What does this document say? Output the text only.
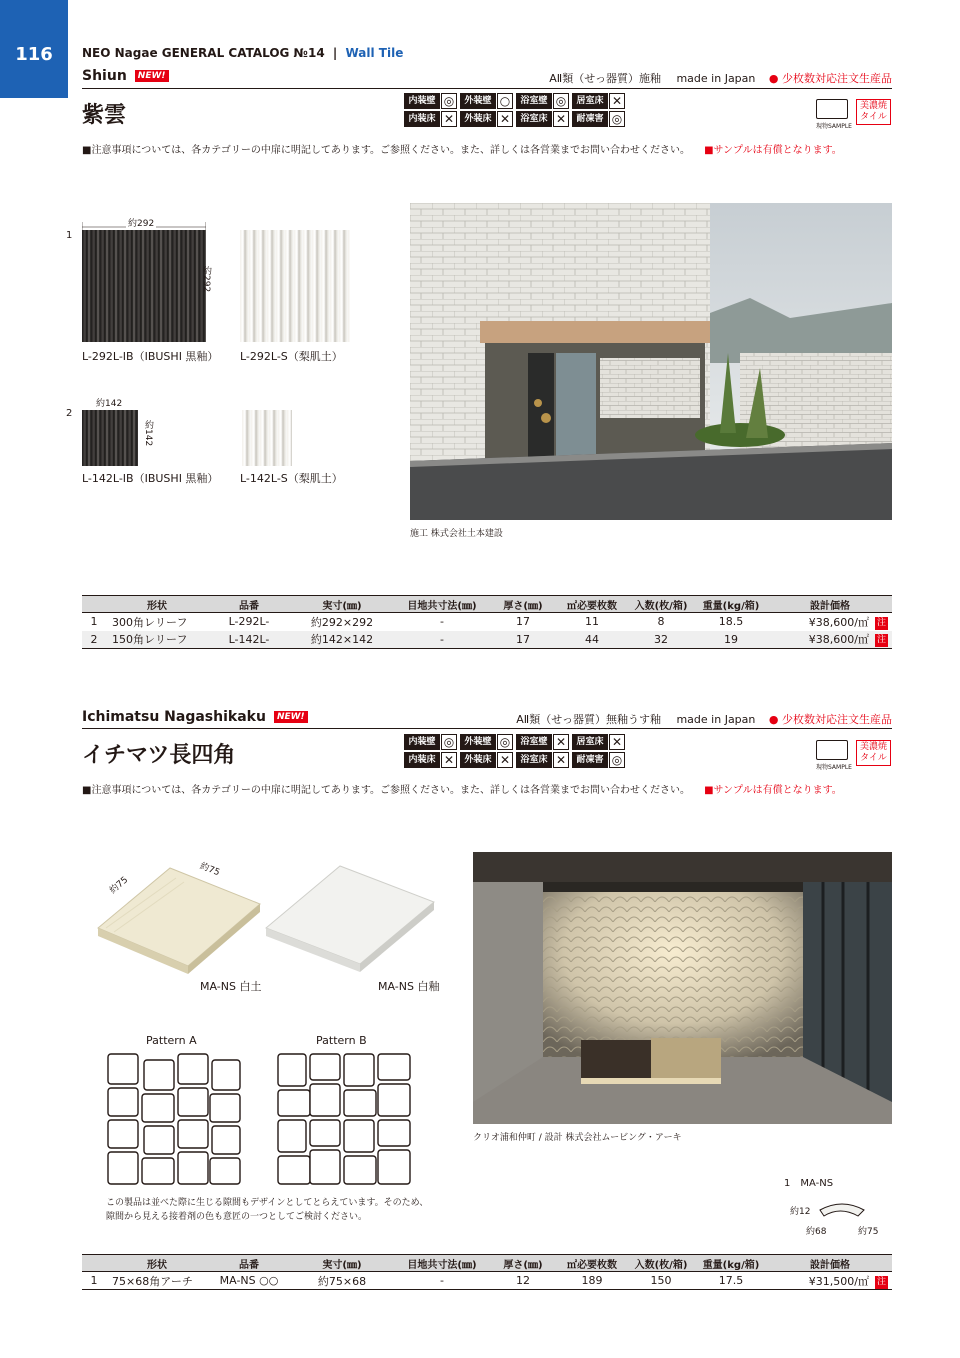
116	NEO Nagae GENERAL CATALOG №14 | Wall Tile
Shiun NEW!	AⅡ類（せっ器質）施釉 made in Japan ● 少枚数対応注文生産品
紫雲
内装壁 ◎	外装壁 ○	浴室壁 ◎	居室床 ✕
内装床 ✕	外装床 ✕	浴室床 ✕	耐凍害 ◎
現物SAMPLE
美濃焼
タイル
■注意事項については、各カテゴリーの中扉に明記してあります。ご参照ください。また、詳しくは各営業までお問い合わせください。 ■サンプルは有償となります。
1
約292
約292
L-292L-IB（IBUSHI 黒釉） L-292L-S（梨肌土）
2
約142
約142
L-142L-IB（IBUSHI 黒釉） L-142L-S（梨肌土）
施工 株式会社土本建設
	形状	品番	実寸(㎜)	目地共寸法(㎜)	厚さ(㎜)	㎡必要枚数	入数(枚/箱)	重量(kg/箱)	設計価格
1	300角レリーフ	L-292L-	約292×292	-	17	11	8	18.5	¥38,600/㎡ 注
2	150角レリーフ	L-142L-	約142×142	-	17	44	32	19	¥38,600/㎡ 注
Ichimatsu Nagashikaku NEW!	AⅡ類（せっ器質）無釉うす釉 made in Japan ● 少枚数対応注文生産品
イチマツ長四角
内装壁 ◎	外装壁 ◎	浴室壁 ✕	居室床 ✕
内装床 ✕	外装床 ✕	浴室床 ✕	耐凍害 ◎
現物SAMPLE
美濃焼
タイル
■注意事項については、各カテゴリーの中扉に明記してあります。ご参照ください。また、詳しくは各営業までお問い合わせください。 ■サンプルは有償となります。
約75
約75
MA-NS 白土	MA-NS 白釉
Pattern A	Pattern B
この製品は並べた際に生じる隙間もデザインとしてとらえています。そのため、
隙間から見える接着剤の色も意匠の一つとしてご検討ください。
クリオ浦和仲町 / 設計 株式会社ムービング・アーキ
1　MA-NS
約12
約68	約75
	形状	品番	実寸(㎜)	目地共寸法(㎜)	厚さ(㎜)	㎡必要枚数	入数(枚/箱)	重量(kg/箱)	設計価格
1	75×68角アーチ	MA-NS ○○	約75×68	-	12	189	150	17.5	¥31,500/㎡ 注
